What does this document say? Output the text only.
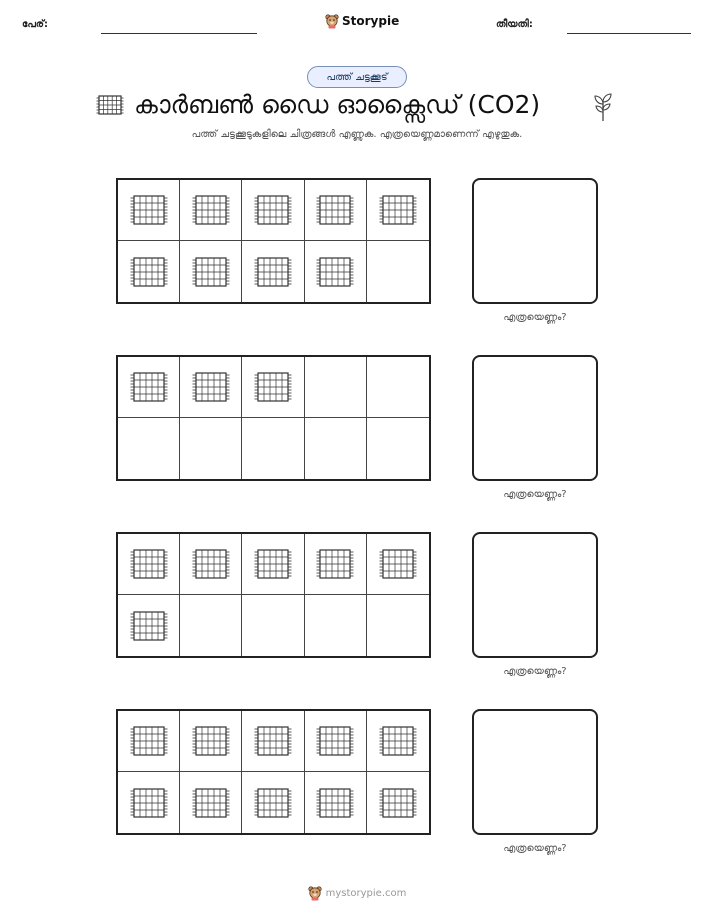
പേര്:	Storypie	തീയതി:
പത്ത് ചട്ടക്കൂട്
കാർബൺ ഡൈ ഓക്സൈഡ് (CO2)
പത്ത് ചട്ടക്കൂടുകളിലെ ചിത്രങ്ങൾ എണ്ണുക. എത്രയെണ്ണമാണെന്ന് എഴുതുക.
എത്രയെണ്ണം?
എത്രയെണ്ണം?
എത്രയെണ്ണം?
എത്രയെണ്ണം?
mystorypie.com
